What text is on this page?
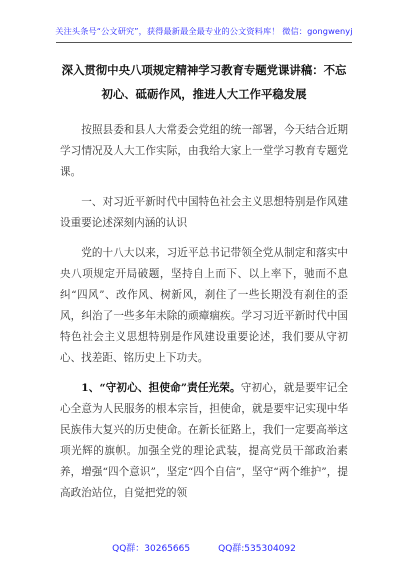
关注头条号“公文研究”，获得最新最全最专业的公文资料库！ 微信：gongwenyj
深入贯彻中央八项规定精神学习教育专题党课讲稿：不忘
初心、砥砺作风，推进人大工作平稳发展

按照县委和县人大常委会党组的统一部署，今天结合近期学习情况及人大工作实际，由我给大家上一堂学习教育专题党课。

一、对习近平新时代中国特色社会主义思想特别是作风建设重要论述深刻内涵的认识

党的十八大以来，习近平总书记带领全党从制定和落实中央八项规定开局破题，坚持自上而下、以上率下，驰而不息纠“四风”、改作风、树新风，刹住了一些长期没有刹住的歪风，纠治了一些多年未除的顽瘴痼疾。学习习近平新时代中国特色社会主义思想特别是作风建设重要论述，我们要从守初心、找差距、铭历史上下功夫。

1、“守初心、担使命”责任光荣。守初心，就是要牢记全心全意为人民服务的根本宗旨，担使命，就是要牢记实现中华民族伟大复兴的历史使命。在新长征路上，我们一定要高举这项光辉的旗帜。加强全党的理论武装，提高党员干部政治素养，增强“四个意识”，坚定“四个自信”，坚守“两个维护”，提高政治站位，自觉把党的领

QQ群：30265665	QQ群:535304092
